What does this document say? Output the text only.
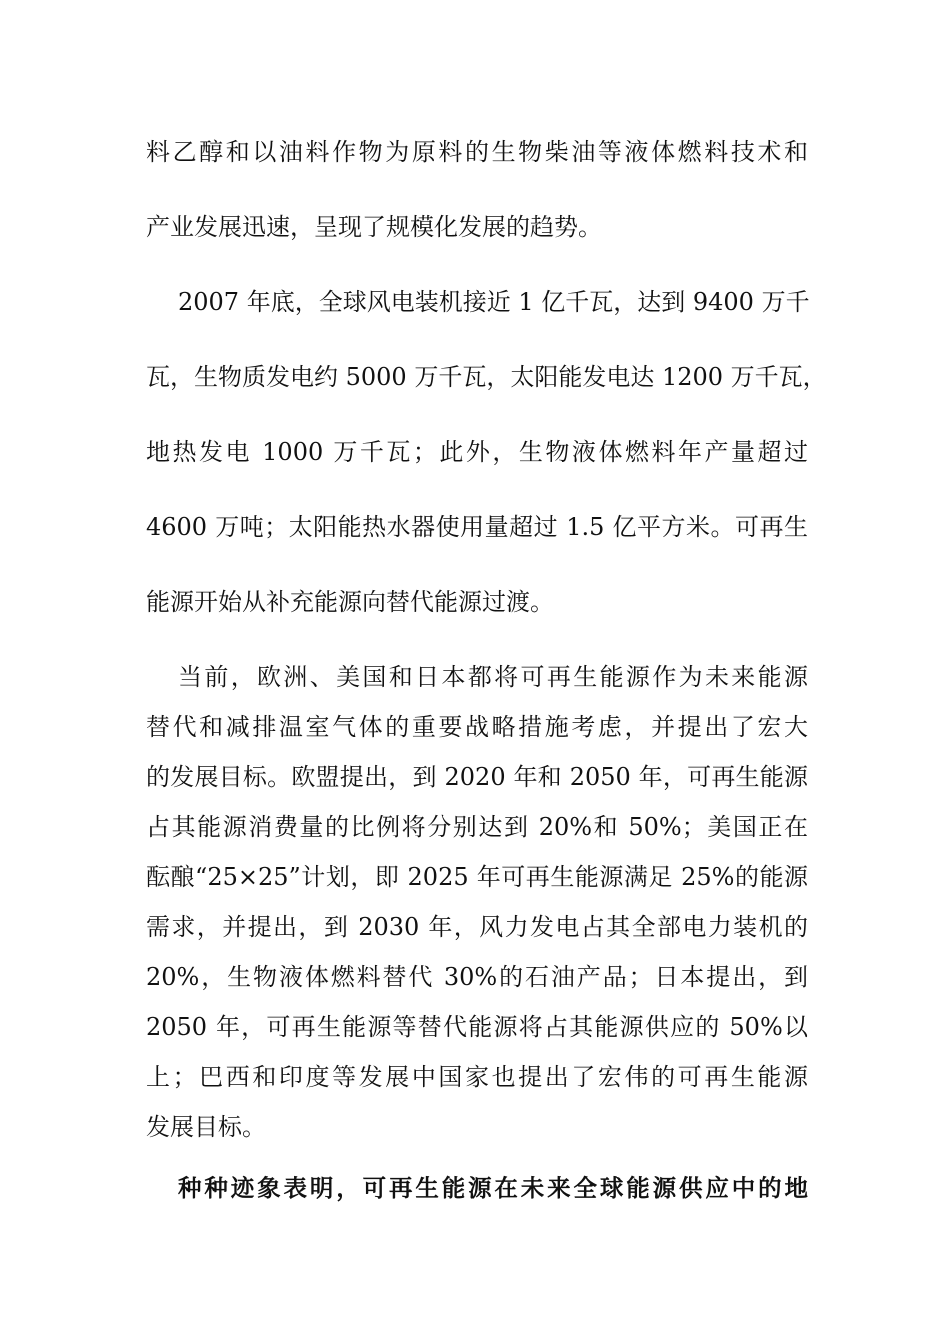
料乙醇和以油料作物为原料的生物柴油等液体燃料技术和
产业发展迅速，呈现了规模化发展的趋势。
2007 年底，全球风电装机接近 1 亿千瓦，达到 9400 万千
瓦，生物质发电约 5000 万千瓦，太阳能发电达 1200 万千瓦，
地热发电 1000 万千瓦；此外，生物液体燃料年产量超过
4600 万吨；太阳能热水器使用量超过 1.5 亿平方米。可再生
能源开始从补充能源向替代能源过渡。
当前，欧洲、美国和日本都将可再生能源作为未来能源
替代和减排温室气体的重要战略措施考虑，并提出了宏大
的发展目标。欧盟提出，到 2020 年和 2050 年，可再生能源
占其能源消费量的比例将分别达到 20%和 50%；美国正在
酝酿“25×25”计划，即 2025 年可再生能源满足 25%的能源
需求，并提出，到 2030 年，风力发电占其全部电力装机的
20%，生物液体燃料替代 30%的石油产品；日本提出，到
2050 年，可再生能源等替代能源将占其能源供应的 50%以
上；巴西和印度等发展中国家也提出了宏伟的可再生能源
发展目标。
种种迹象表明，可再生能源在未来全球能源供应中的地
